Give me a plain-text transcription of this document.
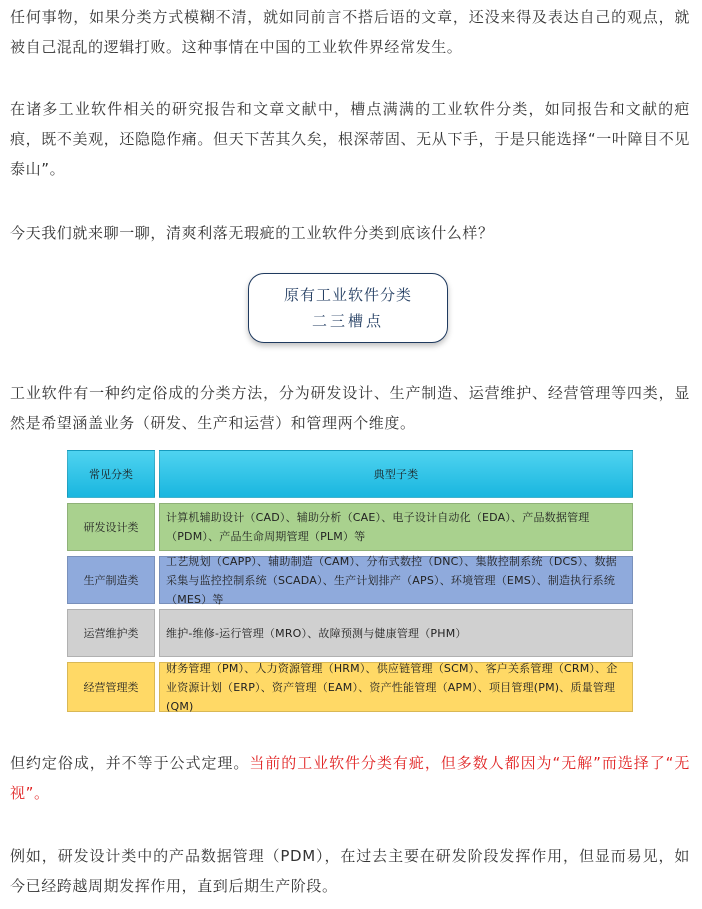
任何事物，如果分类方式模糊不清，就如同前言不搭后语的文章，还没来得及表达自己的观点，就被自己混乱的逻辑打败。这种事情在中国的工业软件界经常发生。

在诸多工业软件相关的研究报告和文章文献中，槽点满满的工业软件分类，如同报告和文献的疤痕，既不美观，还隐隐作痛。但天下苦其久矣，根深蒂固、无从下手，于是只能选择“一叶障目不见泰山”。

今天我们就来聊一聊，清爽利落无瑕疵的工业软件分类到底该什么样？

原有工业软件分类
二三槽点

工业软件有一种约定俗成的分类方法，分为研发设计、生产制造、运营维护、经营管理等四类，显然是希望涵盖业务（研发、生产和运营）和管理两个维度。

常见分类	典型子类
研发设计类
计算机辅助设计（CAD）、辅助分析（CAE）、电子设计自动化（EDA）、产品数据管理（PDM）、产品生命周期管理（PLM）等
生产制造类
工艺规划（CAPP）、辅助制造（CAM）、分布式数控（DNC）、集散控制系统（DCS）、数据采集与监控控制系统（SCADA）、生产计划排产（APS）、环境管理（EMS）、制造执行系统（MES）等
运营维护类	维护-维修-运行管理（MRO）、故障预测与健康管理（PHM）
经营管理类
财务管理（PM）、人力资源管理（HRM）、供应链管理（SCM）、客户关系管理（CRM）、企业资源计划（ERP）、资产管理（EAM）、资产性能管理（APM）、项目管理(PM)、质量管理(QM)

但约定俗成，并不等于公式定理。当前的工业软件分类有疵，但多数人都因为“无解”而选择了“无视”。

例如，研发设计类中的产品数据管理（PDM），在过去主要在研发阶段发挥作用，但显而易见，如今已经跨越周期发挥作用，直到后期生产阶段。
